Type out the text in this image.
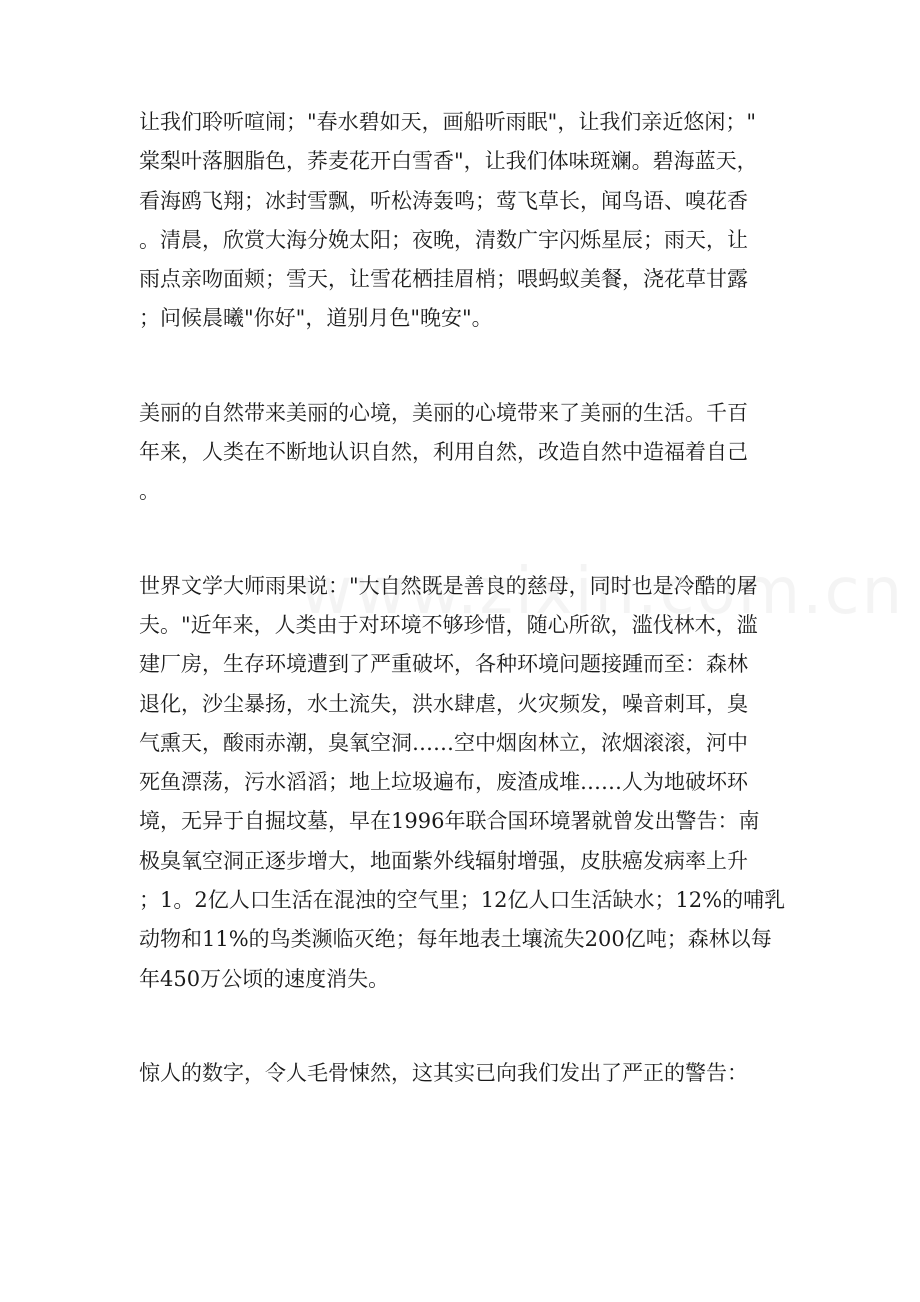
让我们聆听喧闹；"春水碧如天，画船听雨眠"，让我们亲近悠闲；"
棠梨叶落胭脂色，荞麦花开白雪香"，让我们体味斑斓。碧海蓝天，
看海鸥飞翔；冰封雪飘，听松涛轰鸣；莺飞草长，闻鸟语、嗅花香
。清晨，欣赏大海分娩太阳；夜晚，清数广宇闪烁星辰；雨天，让
雨点亲吻面颊；雪天，让雪花栖挂眉梢；喂蚂蚁美餐，浇花草甘露
；问候晨曦"你好"，道别月色"晚安"。

美丽的自然带来美丽的心境，美丽的心境带来了美丽的生活。千百
年来，人类在不断地认识自然，利用自然，改造自然中造福着自己
。

世界文学大师雨果说："大自然既是善良的慈母，同时也是冷酷的屠
夫。"近年来，人类由于对环境不够珍惜，随心所欲，滥伐林木，滥
建厂房，生存环境遭到了严重破坏，各种环境问题接踵而至：森林
退化，沙尘暴扬，水土流失，洪水肆虐，火灾频发，噪音刺耳，臭
气熏天，酸雨赤潮，臭氧空洞……空中烟囱林立，浓烟滚滚，河中
死鱼漂荡，污水滔滔；地上垃圾遍布，废渣成堆……人为地破坏环
境，无异于自掘坟墓，早在1996年联合国环境署就曾发出警告：南
极臭氧空洞正逐步增大，地面紫外线辐射增强，皮肤癌发病率上升
；1。2亿人口生活在混浊的空气里；12亿人口生活缺水；12%的哺乳
动物和11%的鸟类濒临灭绝；每年地表土壤流失200亿吨；森林以每
年450万公顷的速度消失。

惊人的数字，令人毛骨悚然，这其实已向我们发出了严正的警告：
